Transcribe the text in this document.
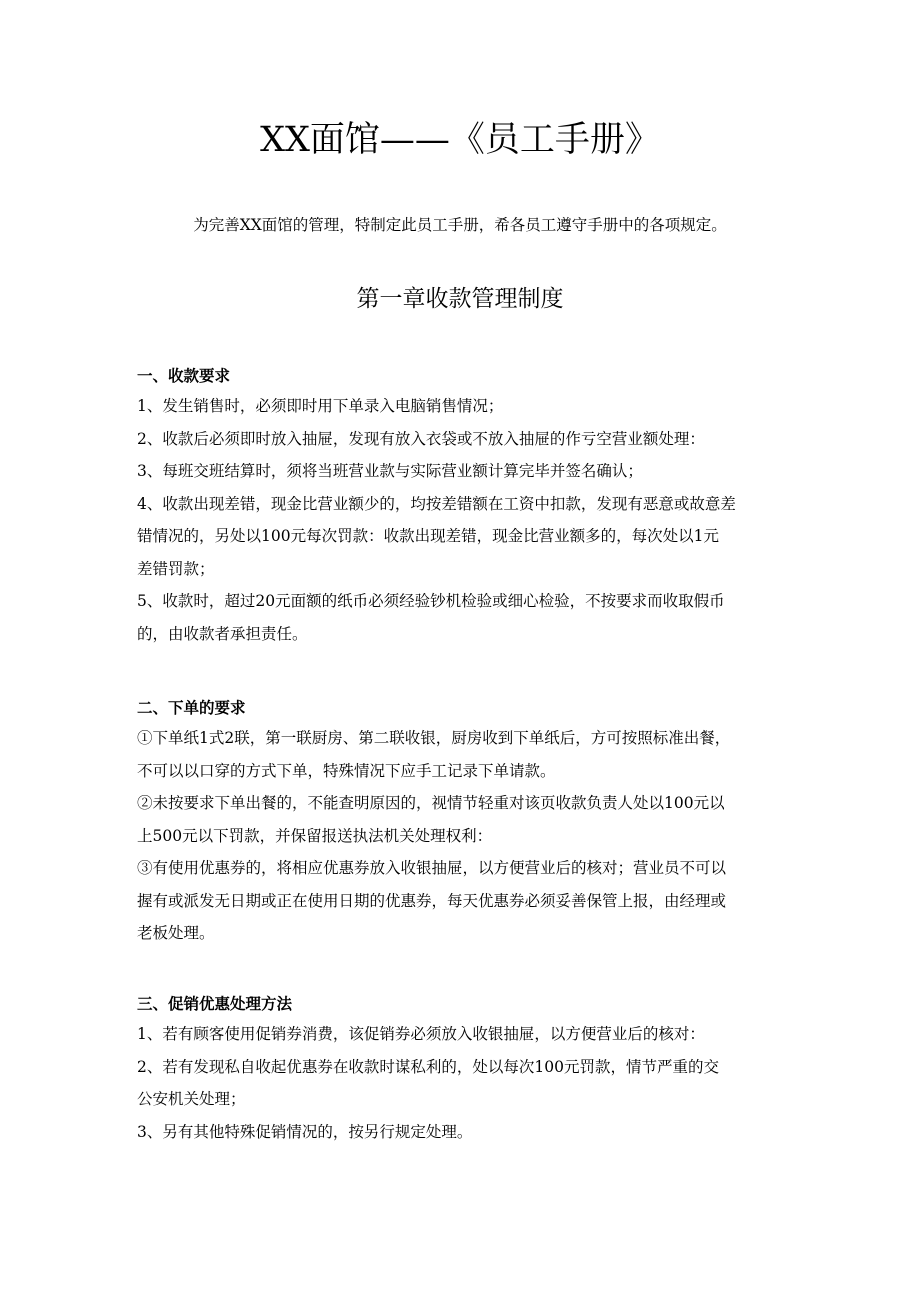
XX面馆——《员工手册》
为完善XX面馆的管理，特制定此员工手册，希各员工遵守手册中的各项规定。
第一章收款管理制度

一、收款要求

1、发生销售时，必须即时用下单录入电脑销售情况；

2、收款后必须即时放入抽屉，发现有放入衣袋或不放入抽屉的作亏空营业额处理：

3、每班交班结算时，须将当班营业款与实际营业额计算完毕并签名确认；

4、收款出现差错，现金比营业额少的，均按差错额在工资中扣款，发现有恶意或故意差
错情况的，另处以100元每次罚款：收款出现差错，现金比营业额多的，每次处以1元
差错罚款；

5、收款时，超过20元面额的纸币必须经验钞机检验或细心检验，不按要求而收取假币
的，由收款者承担责任。

二、下单的要求

①下单纸1式2联，第一联厨房、第二联收银，厨房收到下单纸后，方可按照标准出餐，
不可以以口穿的方式下单，特殊情况下应手工记录下单请款。

②未按要求下单出餐的，不能查明原因的，视情节轻重对该页收款负责人处以100元以
上500元以下罚款，并保留报送执法机关处理权利：

③有使用优惠券的，将相应优惠券放入收银抽屉，以方便营业后的核对；营业员不可以
握有或派发无日期或正在使用日期的优惠券，每天优惠券必须妥善保管上报，由经理或
老板处理。

三、促销优惠处理方法

1、若有顾客使用促销券消费，该促销券必须放入收银抽屉，以方便营业后的核对：

2、若有发现私自收起优惠券在收款时谋私利的，处以每次100元罚款，情节严重的交
公安机关处理；

3、另有其他特殊促销情况的，按另行规定处理。
